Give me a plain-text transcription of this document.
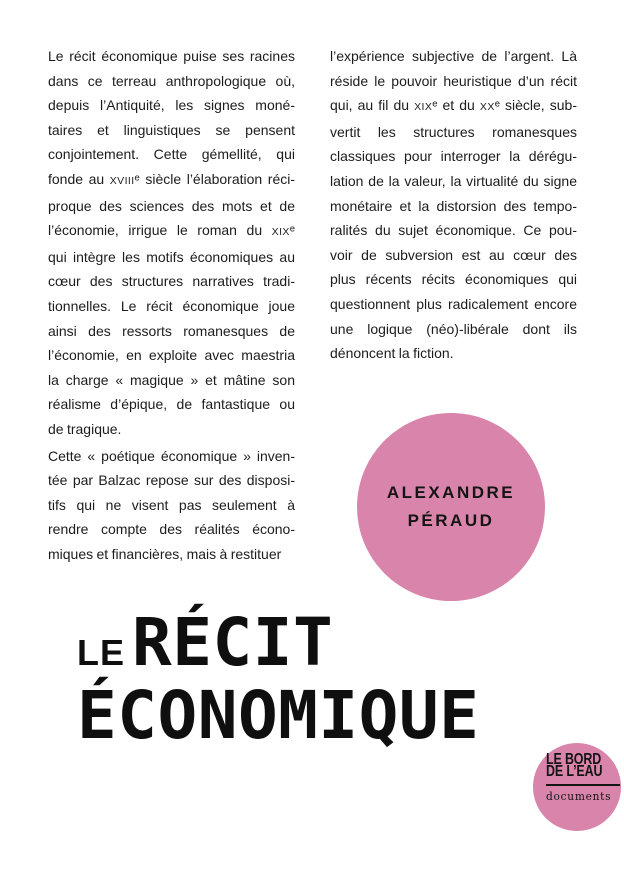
Le récit économique puise ses racines
dans ce terreau anthropologique où,
depuis l’Antiquité, les signes moné-
taires et linguistiques se pensent
conjointement. Cette gémellité, qui
fonde au XVIIIᵉ siècle l’élaboration réci-
proque des sciences des mots et de
l’économie, irrigue le roman du XIXᵉ
qui intègre les motifs économiques au
cœur des structures narratives tradi-
tionnelles. Le récit économique joue
ainsi des ressorts romanesques de
l’économie, en exploite avec maestria
la charge « magique » et mâtine son
réalisme d’épique, de fantastique ou
de tragique.
Cette « poétique économique » inven-
tée par Balzac repose sur des disposi-
tifs qui ne visent pas seulement à
rendre compte des réalités écono-
miques et financières, mais à restituer
l’expérience subjective de l’argent. Là
réside le pouvoir heuristique d’un récit
qui, au fil du XIXᵉ et du XXᵉ siècle, sub-
vertit les structures romanesques
classiques pour interroger la dérégu-
lation de la valeur, la virtualité du signe
monétaire et la distorsion des tempo-
ralités du sujet économique. Ce pou-
voir de subversion est au cœur des
plus récents récits économiques qui
questionnent plus radicalement encore
une logique (néo)-libérale dont ils
dénoncent la fiction.
ALEXANDRE
PÉRAUD
LE RÉCIT
ÉCONOMIQUE
LE BORD
DE L’EAU
documents
